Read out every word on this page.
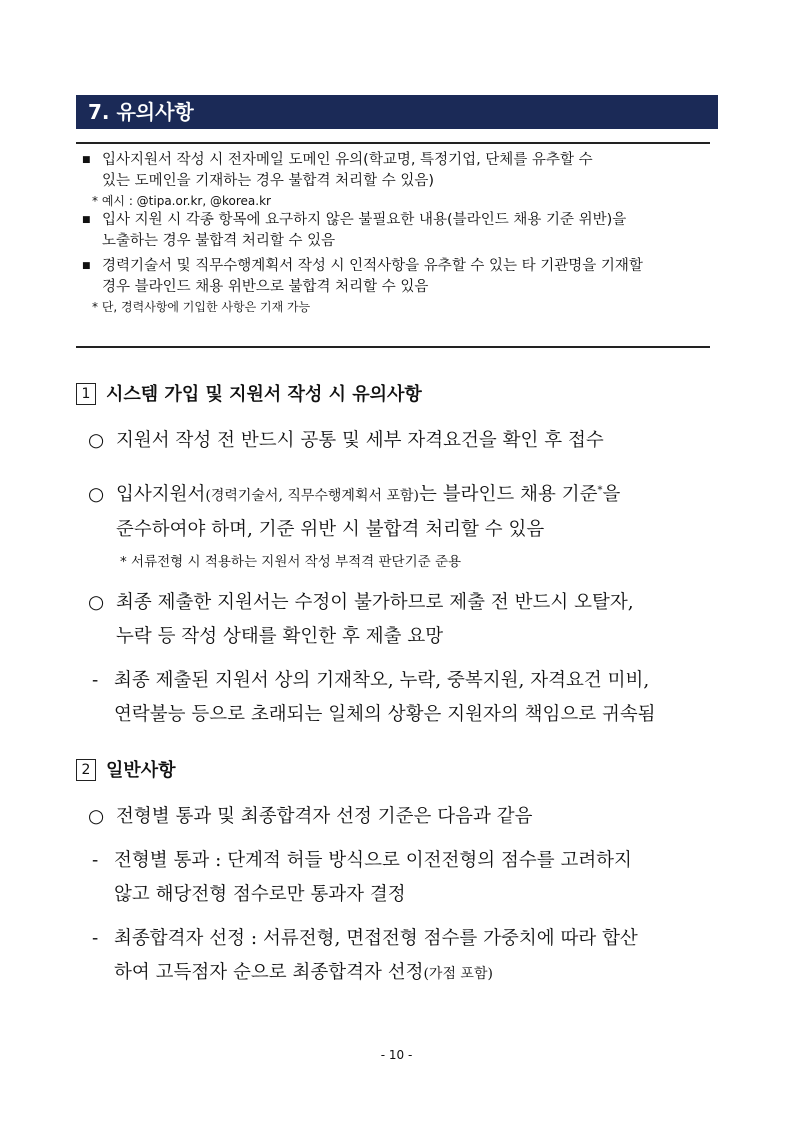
7. 유의사항
■ 입사지원서 작성 시 전자메일 도메인 유의(학교명, 특정기업, 단체를 유추할 수
있는 도메인을 기재하는 경우 불합격 처리할 수 있음)
* 예시 : @tipa.or.kr, @korea.kr
■ 입사 지원 시 각종 항목에 요구하지 않은 불필요한 내용(블라인드 채용 기준 위반)을
노출하는 경우 불합격 처리할 수 있음
■ 경력기술서 및 직무수행계획서 작성 시 인적사항을 유추할 수 있는 타 기관명을 기재할
경우 블라인드 채용 위반으로 불합격 처리할 수 있음
* 단, 경력사항에 기입한 사항은 기재 가능
1 시스템 가입 및 지원서 작성 시 유의사항
○ 지원서 작성 전 반드시 공통 및 세부 자격요건을 확인 후 접수
○ 입사지원서(경력기술서, 직무수행계획서 포함)는 블라인드 채용 기준*을
준수하여야 하며, 기준 위반 시 불합격 처리할 수 있음
* 서류전형 시 적용하는 지원서 작성 부적격 판단기준 준용
○ 최종 제출한 지원서는 수정이 불가하므로 제출 전 반드시 오탈자,
누락 등 작성 상태를 확인한 후 제출 요망
- 최종 제출된 지원서 상의 기재착오, 누락, 중복지원, 자격요건 미비,
연락불능 등으로 초래되는 일체의 상황은 지원자의 책임으로 귀속됨
2 일반사항
○ 전형별 통과 및 최종합격자 선정 기준은 다음과 같음
- 전형별 통과 : 단계적 허들 방식으로 이전전형의 점수를 고려하지
않고 해당전형 점수로만 통과자 결정
- 최종합격자 선정 : 서류전형, 면접전형 점수를 가중치에 따라 합산
하여 고득점자 순으로 최종합격자 선정(가점 포함)
- 10 -
